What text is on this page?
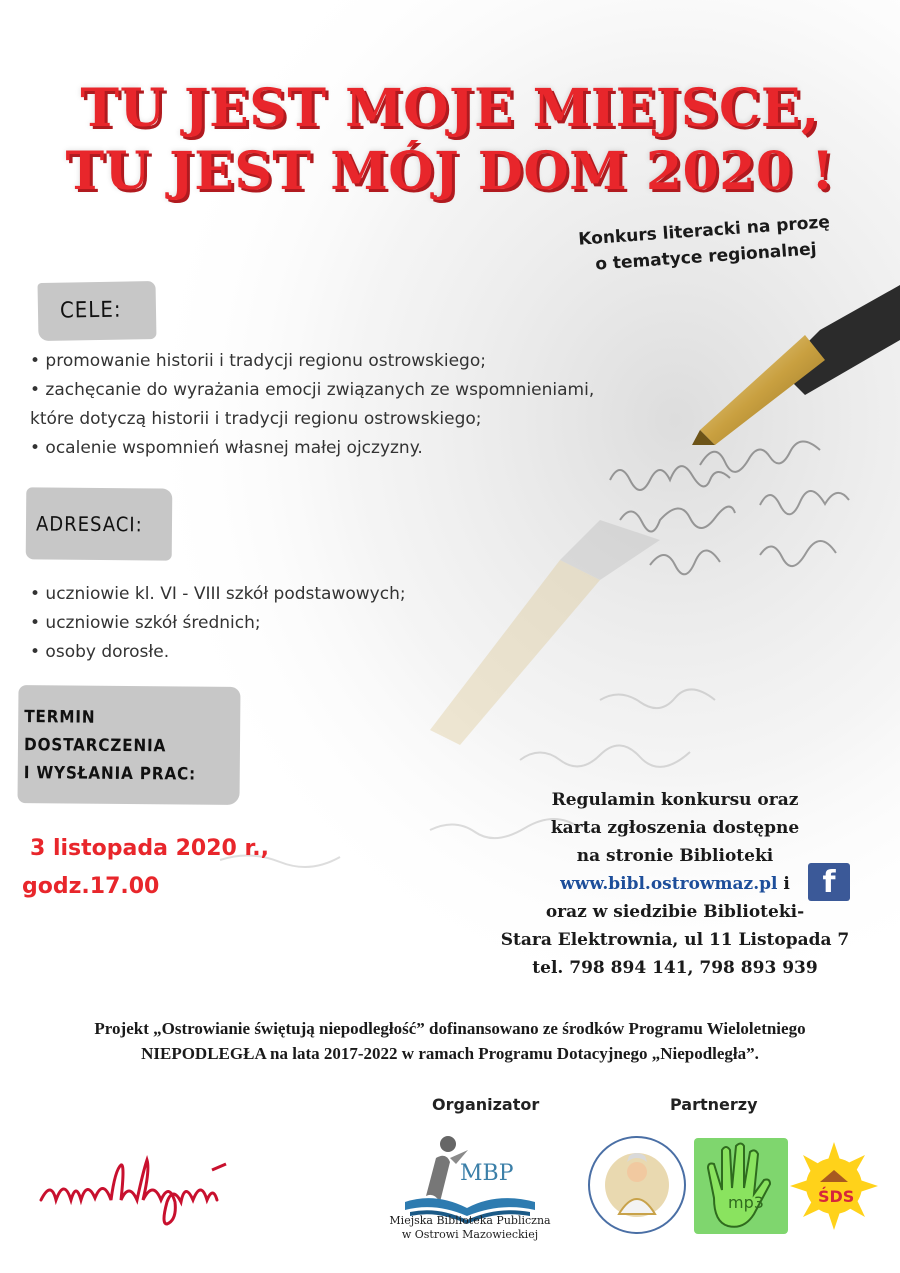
TU JEST MOJE MIEJSCE,
TU JEST MÓJ DOM 2020 !
Konkurs literacki na prozę
o tematyce regionalnej
CELE:
• promowanie historii i tradycji regionu ostrowskiego;
• zachęcanie do wyrażania emocji związanych ze wspomnieniami,
które dotyczą historii i tradycji regionu ostrowskiego;
• ocalenie wspomnień własnej małej ojczyzny.
ADRESACI:
• uczniowie kl. VI - VIII szkół podstawowych;
• uczniowie szkół średnich;
• osoby dorosłe.
TERMIN
DOSTARCZENIA
I WYSŁANIA PRAC:
3 listopada 2020 r.,
godz.17.00
Regulamin konkursu oraz
karta zgłoszenia dostępne
na stronie Biblioteki
www.bibl.ostrowmaz.pl i
oraz w siedzibie Biblioteki-
Stara Elektrownia, ul 11 Listopada 7
tel. 798 894 141, 798 893 939
f
Projekt „Ostrowianie świętują niepodległość” dofinansowano ze środków Programu Wieloletniego
NIEPODLEGŁA na lata 2017-2022 w ramach Programu Dotacyjnego „Niepodległa”.
Organizator	Partnerzy
MBP
Miejska Biblioteka Publiczna
w Ostrowi Mazowieckiej
mp3	ŚDS
